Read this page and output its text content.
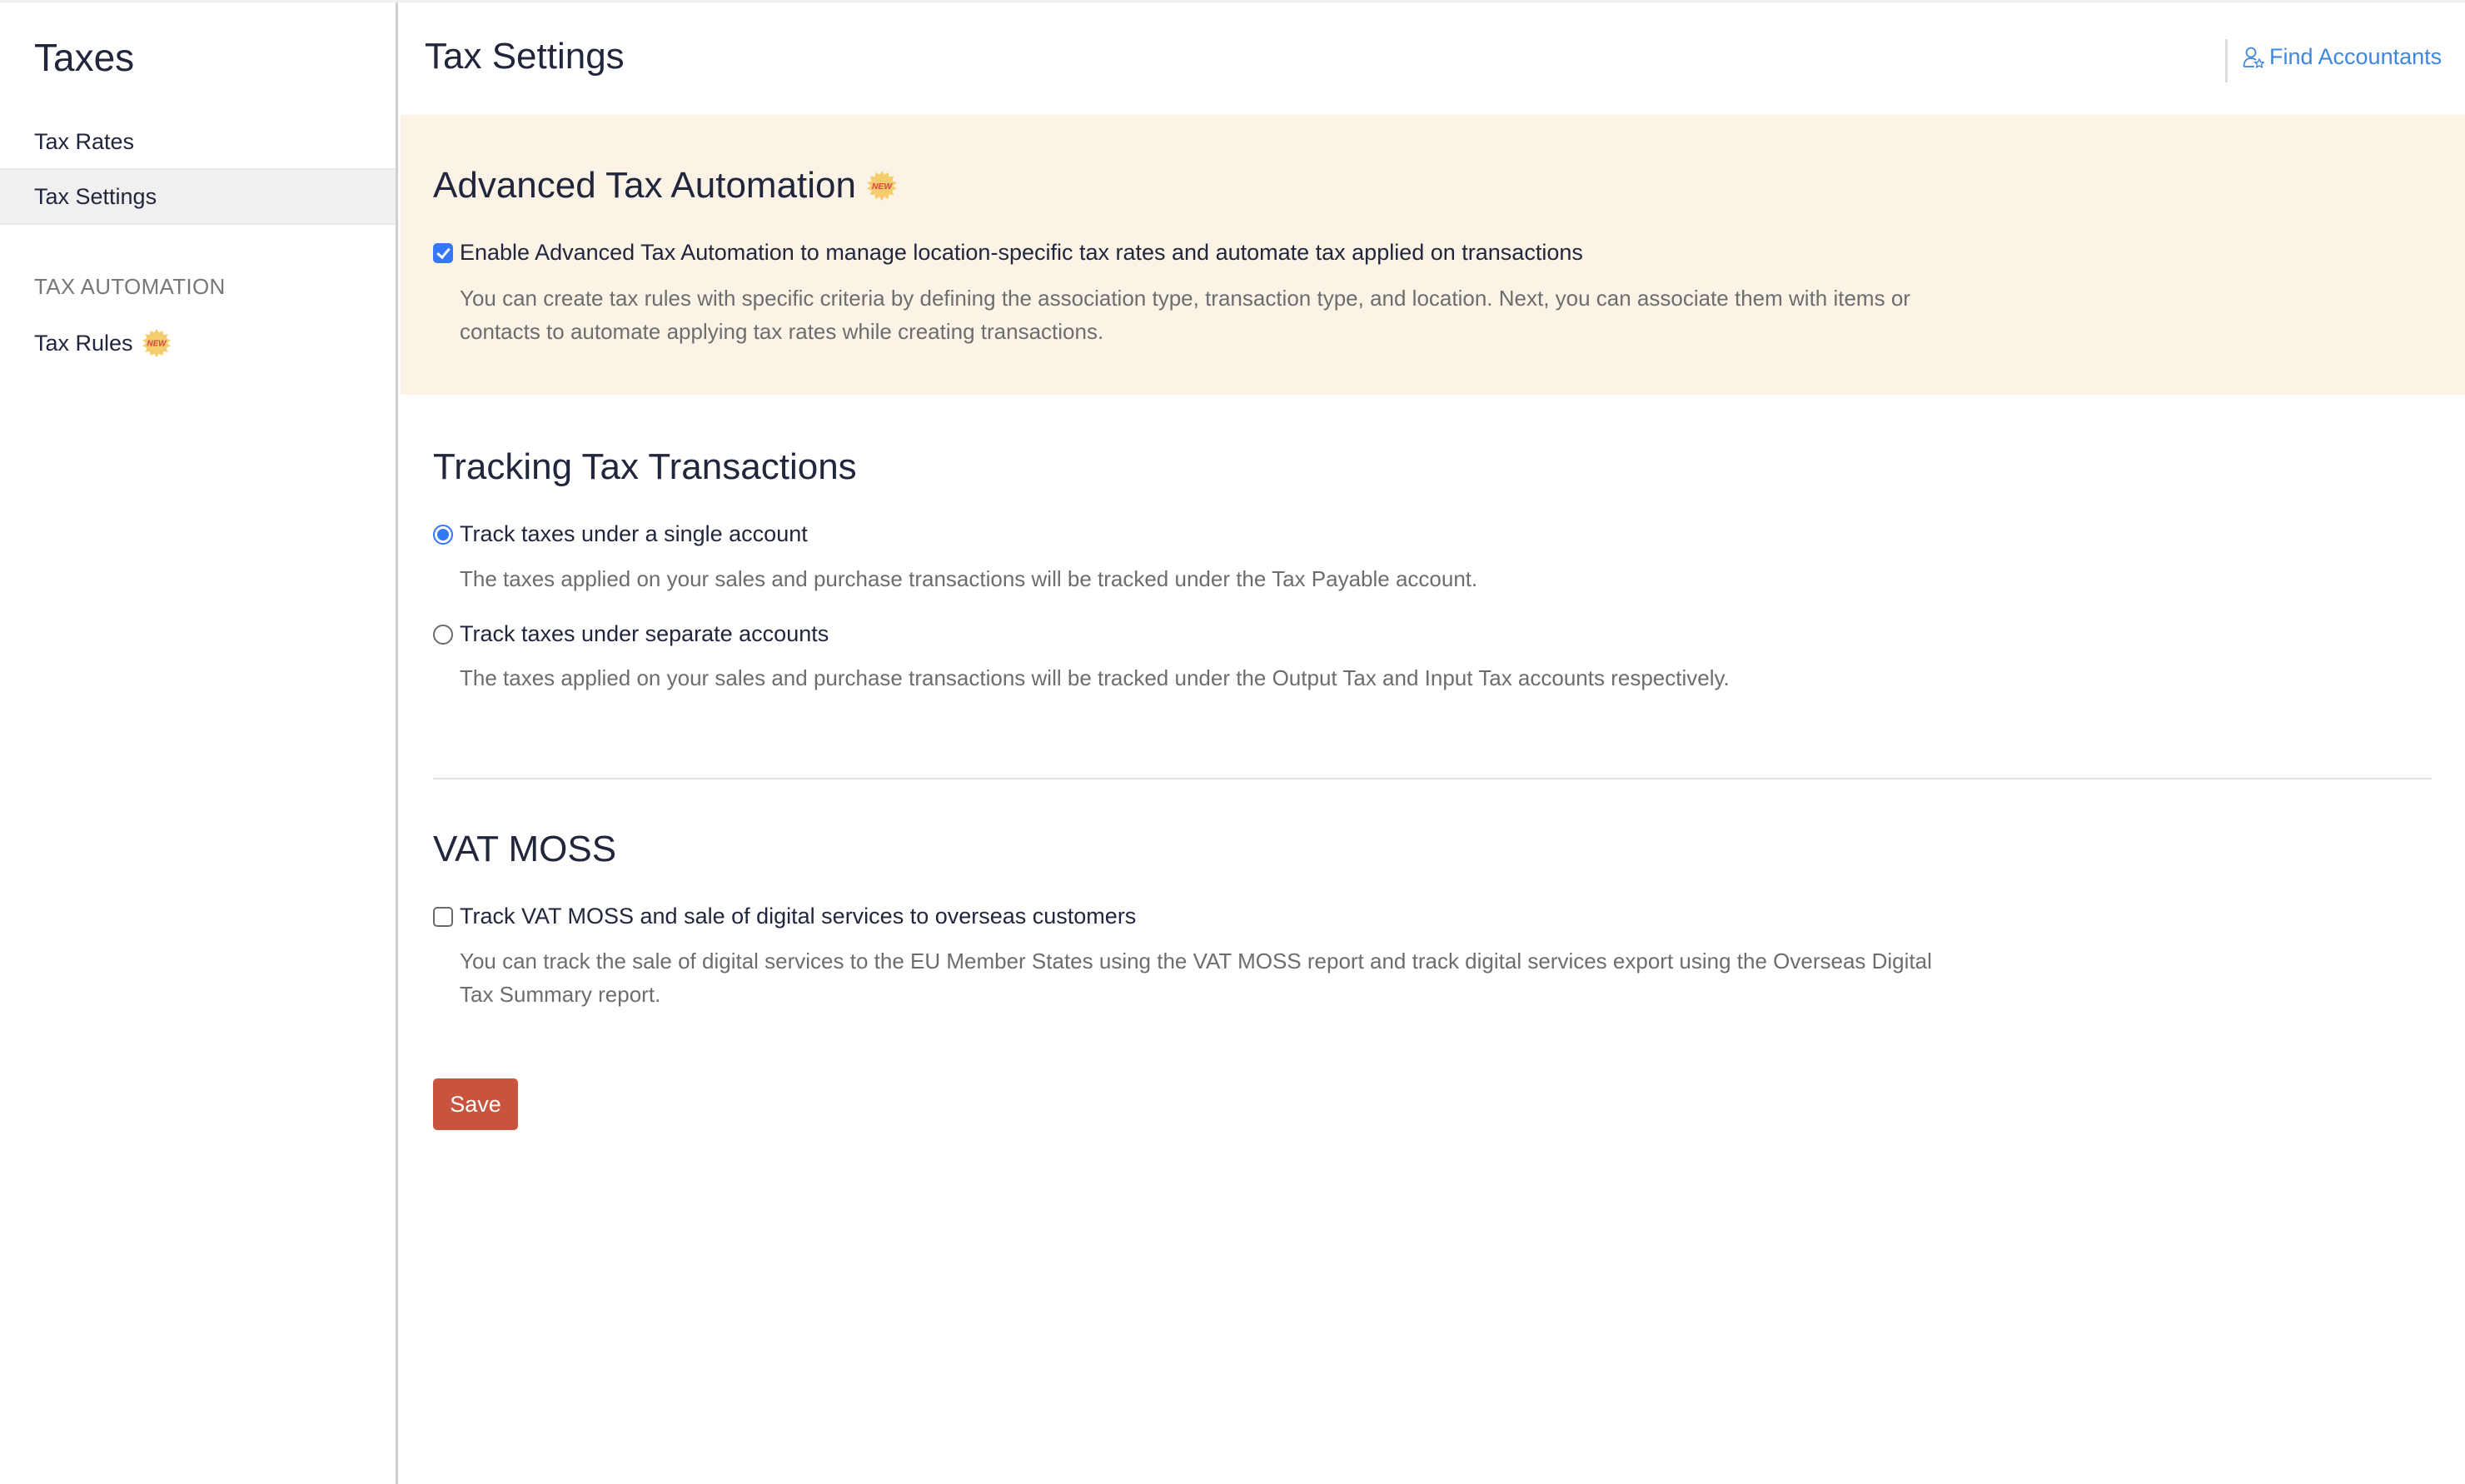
Taxes
Tax Rates
Tax Settings
TAX AUTOMATION
Tax Rules NEW
Tax Settings	Find Accountants
Advanced Tax Automation NEW
Enable Advanced Tax Automation to manage location-specific tax rates and automate tax applied on transactions

You can create tax rules with specific criteria by defining the association type, transaction type, and location. Next, you can associate them with items or contacts to automate applying tax rates while creating transactions.

Tracking Tax Transactions
Track taxes under a single account

The taxes applied on your sales and purchase transactions will be tracked under the Tax Payable account.

Track taxes under separate accounts

The taxes applied on your sales and purchase transactions will be tracked under the Output Tax and Input Tax accounts respectively.

VAT MOSS
Track VAT MOSS and sale of digital services to overseas customers

You can track the sale of digital services to the EU Member States using the VAT MOSS report and track digital services export using the Overseas Digital Tax Summary report.

Save
